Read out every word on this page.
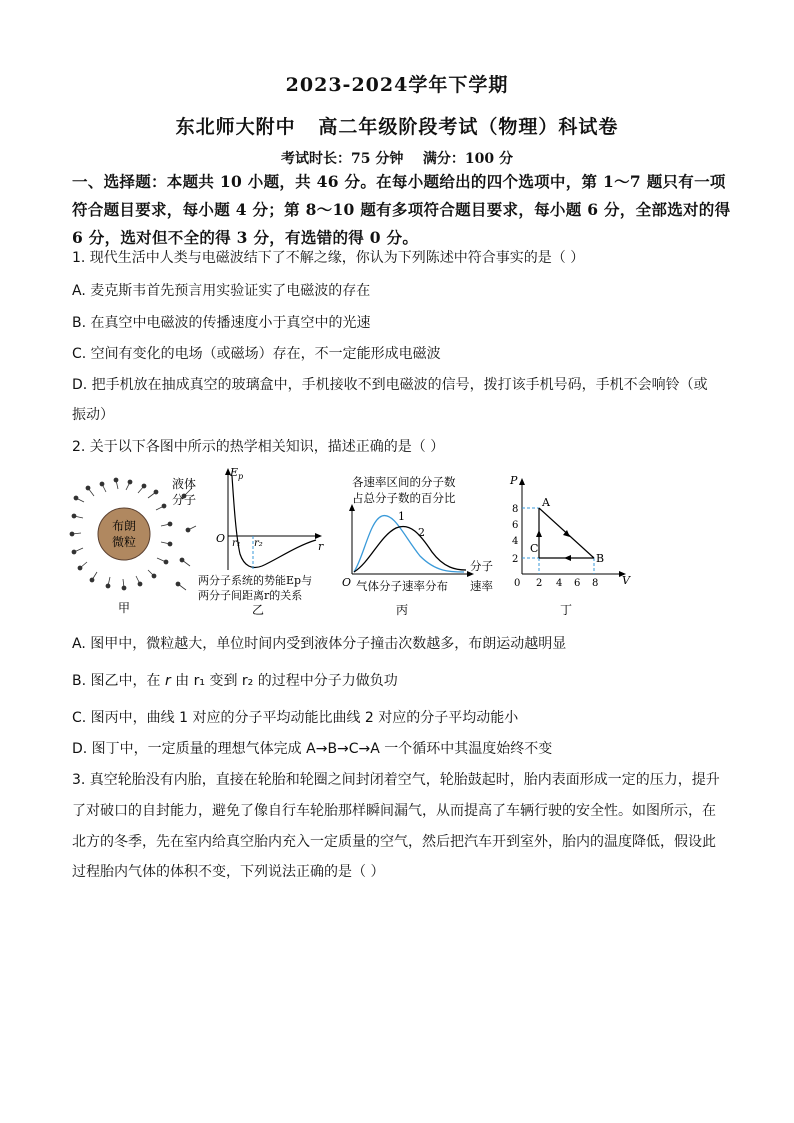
2023-2024学年下学期
东北师大附中   高二年级阶段考试（物理）科试卷
考试时长：75 分钟    满分：100 分
一、选择题：本题共 10 小题，共 46 分。在每小题给出的四个选项中，第 1～7 题只有一项
符合题目要求，每小题 4 分；第 8～10 题有多项符合题目要求，每小题 6 分，全部选对的得
6 分，选对但不全的得 3 分，有选错的得 0 分。
1. 现代生活中人类与电磁波结下了不解之缘，你认为下列陈述中符合事实的是（ ）
A. 麦克斯韦首先预言用实验证实了电磁波的存在
B. 在真空中电磁波的传播速度小于真空中的光速
C. 空间有变化的电场（或磁场）存在，不一定能形成电磁波
D. 把手机放在抽成真空的玻璃盒中，手机接收不到电磁波的信号，拨打该手机号码，手机不会响铃（或
振动）
2. 关于以下各图中所示的热学相关知识，描述正确的是（ ）
布朗
微粒
液体
分子
甲
$E_p$
r
O r₁ r₂
两分子系统的势能Ep与
两分子间距离r的关系
乙
各速率区间的分子数
占总分子数的百分比
1
2
O 气体分子速率分布
分子
速率
丙
P
V
0
8
6
4
2
2 4 6 8
A
B
C
丁
A. 图甲中，微粒越大，单位时间内受到液体分子撞击次数越多，布朗运动越明显
B. 图乙中，在 r 由 r₁ 变到 r₂ 的过程中分子力做负功
C. 图丙中，曲线 1 对应的分子平均动能比曲线 2 对应的分子平均动能小
D. 图丁中，一定质量的理想气体完成 A→B→C→A 一个循环中其温度始终不变
3. 真空轮胎没有内胎，直接在轮胎和轮圈之间封闭着空气，轮胎鼓起时，胎内表面形成一定的压力，提升
了对破口的自封能力，避免了像自行车轮胎那样瞬间漏气，从而提高了车辆行驶的安全性。如图所示，在
北方的冬季，先在室内给真空胎内充入一定质量的空气，然后把汽车开到室外，胎内的温度降低，假设此
过程胎内气体的体积不变，下列说法正确的是（ ）
